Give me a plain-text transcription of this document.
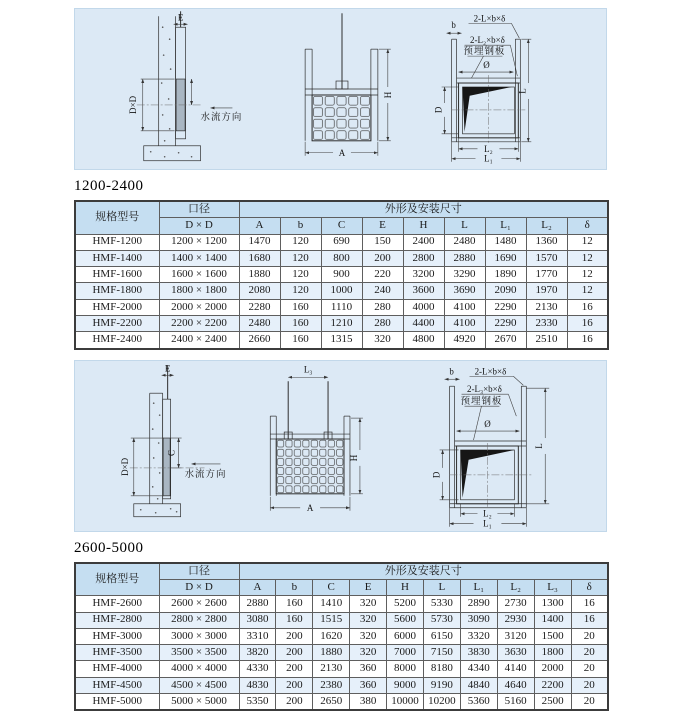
E
D×D
水流方向
A
H
b
2-L×b×δ
2-L₂×b×δ
预埋钢板
Ø
D
L
L₂
L₁
1200-2400
规格型号	口径	外形及安装尺寸								
	D × D	A	b	C	E	H	L	L₁	L₂	δ
HMF-1200	1200 × 1200	1470	120	690	150	2400	2480	1480	1360	12
HMF-1400	1400 × 1400	1680	120	800	200	2800	2880	1690	1570	12
HMF-1600	1600 × 1600	1880	120	900	220	3200	3290	1890	1770	12
HMF-1800	1800 × 1800	2080	120	1000	240	3600	3690	2090	1970	12
HMF-2000	2000 × 2000	2280	160	1110	280	4000	4100	2290	2130	16
HMF-2200	2200 × 2200	2480	160	1210	280	4400	4100	2290	2330	16
HMF-2400	2400 × 2400	2660	160	1315	320	4800	4920	2670	2510	16
E
C
D×D	水流方向
L₃
A
H
b 2-L×b×δ
2-L₃×b×δ
预埋钢板
Ø
D
L
L₂
L₁
2600-5000
规格型号	口径	外形及安装尺寸									
	D × D	A	b	C	E	H	L	L₁	L₂	L₃	δ
HMF-2600	2600 × 2600	2880	160	1410	320	5200	5330	2890	2730	1300	16
HMF-2800	2800 × 2800	3080	160	1515	320	5600	5730	3090	2930	1400	16
HMF-3000	3000 × 3000	3310	200	1620	320	6000	6150	3320	3120	1500	20
HMF-3500	3500 × 3500	3820	200	1880	320	7000	7150	3830	3630	1800	20
HMF-4000	4000 × 4000	4330	200	2130	360	8000	8180	4340	4140	2000	20
HMF-4500	4500 × 4500	4830	200	2380	360	9000	9190	4840	4640	2200	20
HMF-5000	5000 × 5000	5350	200	2650	380	10000	10200	5360	5160	2500	20
